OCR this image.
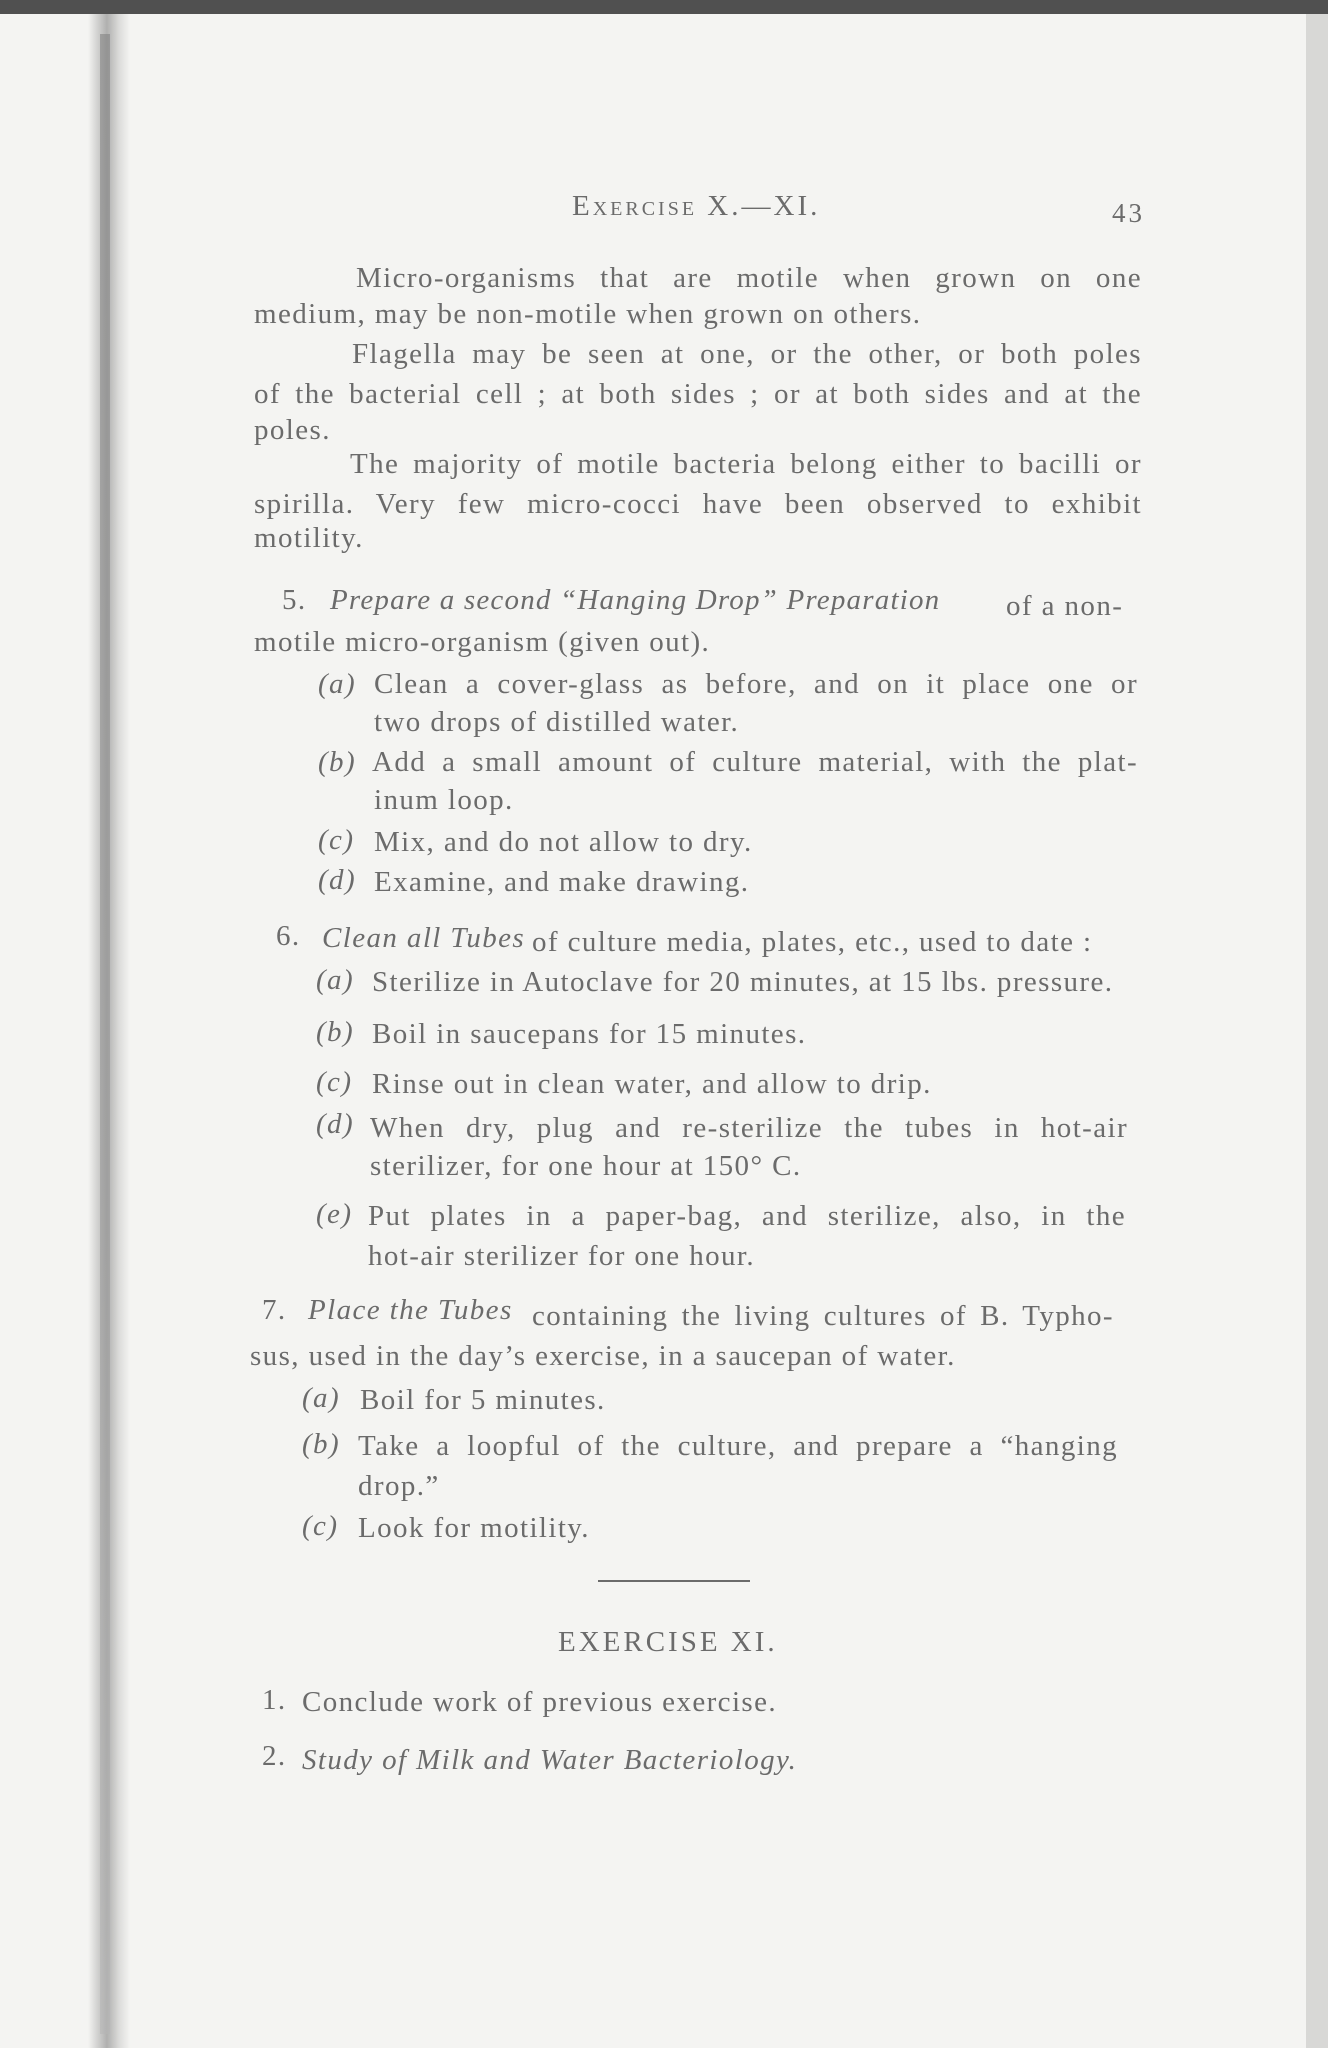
Exercise X.—XI.	43
Micro-organisms that are motile when grown on one
medium, may be non-motile when grown on others.
Flagella may be seen at one, or the other, or both poles
of the bacterial cell ; at both sides ; or at both sides and at the
poles.
The majority of motile bacteria belong either to bacilli or
spirilla. Very few micro-cocci have been observed to exhibit
motility.
5. Prepare a second “Hanging Drop” Preparation of a non-
motile micro-organism (given out).
(a) Clean a cover-glass as before, and on it place one or
two drops of distilled water.
(b) Add a small amount of culture material, with the plat-
inum loop.
(c) Mix, and do not allow to dry.
(d) Examine, and make drawing.
6. Clean all Tubes of culture media, plates, etc., used to date :
(a) Sterilize in Autoclave for 20 minutes, at 15 lbs. pressure.
(b) Boil in saucepans for 15 minutes.
(c) Rinse out in clean water, and allow to drip.
(d) When dry, plug and re-sterilize the tubes in hot-air
sterilizer, for one hour at 150° C.
(e) Put plates in a paper-bag, and sterilize, also, in the
hot-air sterilizer for one hour.
7. Place the Tubes containing the living cultures of B. Typho-
sus, used in the day’s exercise, in a saucepan of water.
(a) Boil for 5 minutes.
(b) Take a loopful of the culture, and prepare a “hanging
drop.”
(c) Look for motility.
EXERCISE XI.
1. Conclude work of previous exercise.
2. Study of Milk and Water Bacteriology.
